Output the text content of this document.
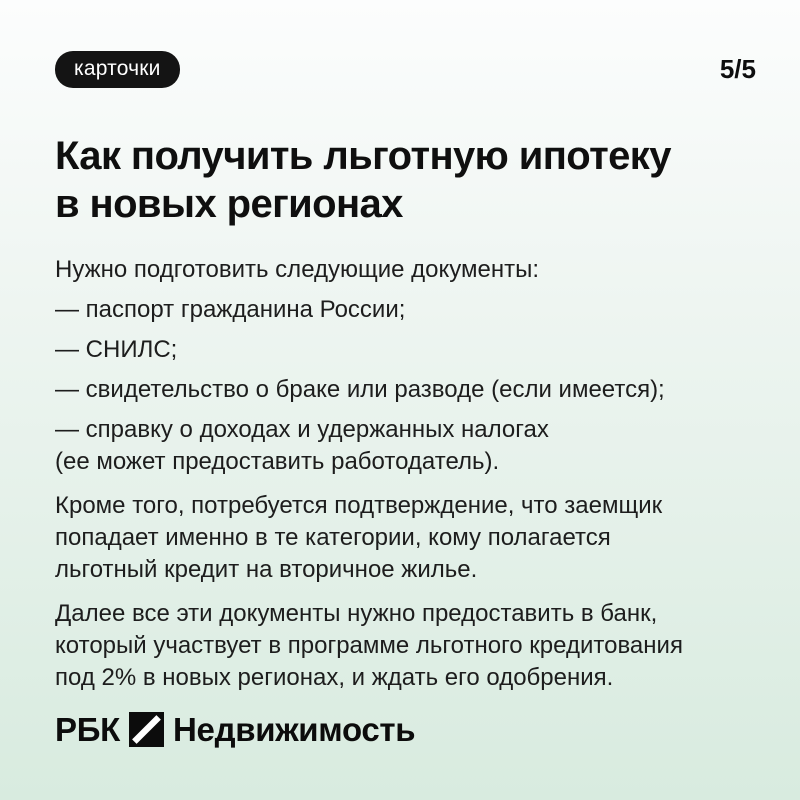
карточки	5/5
Как получить льготную ипотеку
в новых регионах
Нужно подготовить следующие документы:
— паспорт гражданина России;
— СНИЛС;
— свидетельство о браке или разводе (если имеется);
— справку о доходах и удержанных налогах
(ее может предоставить работодатель).
Кроме того, потребуется подтверждение, что заемщик
попадает именно в те категории, кому полагается
льготный кредит на вторичное жилье.
Далее все эти документы нужно предоставить в банк,
который участвует в программе льготного кредитования
под 2% в новых регионах, и ждать его одобрения.
РБК Недвижимость
